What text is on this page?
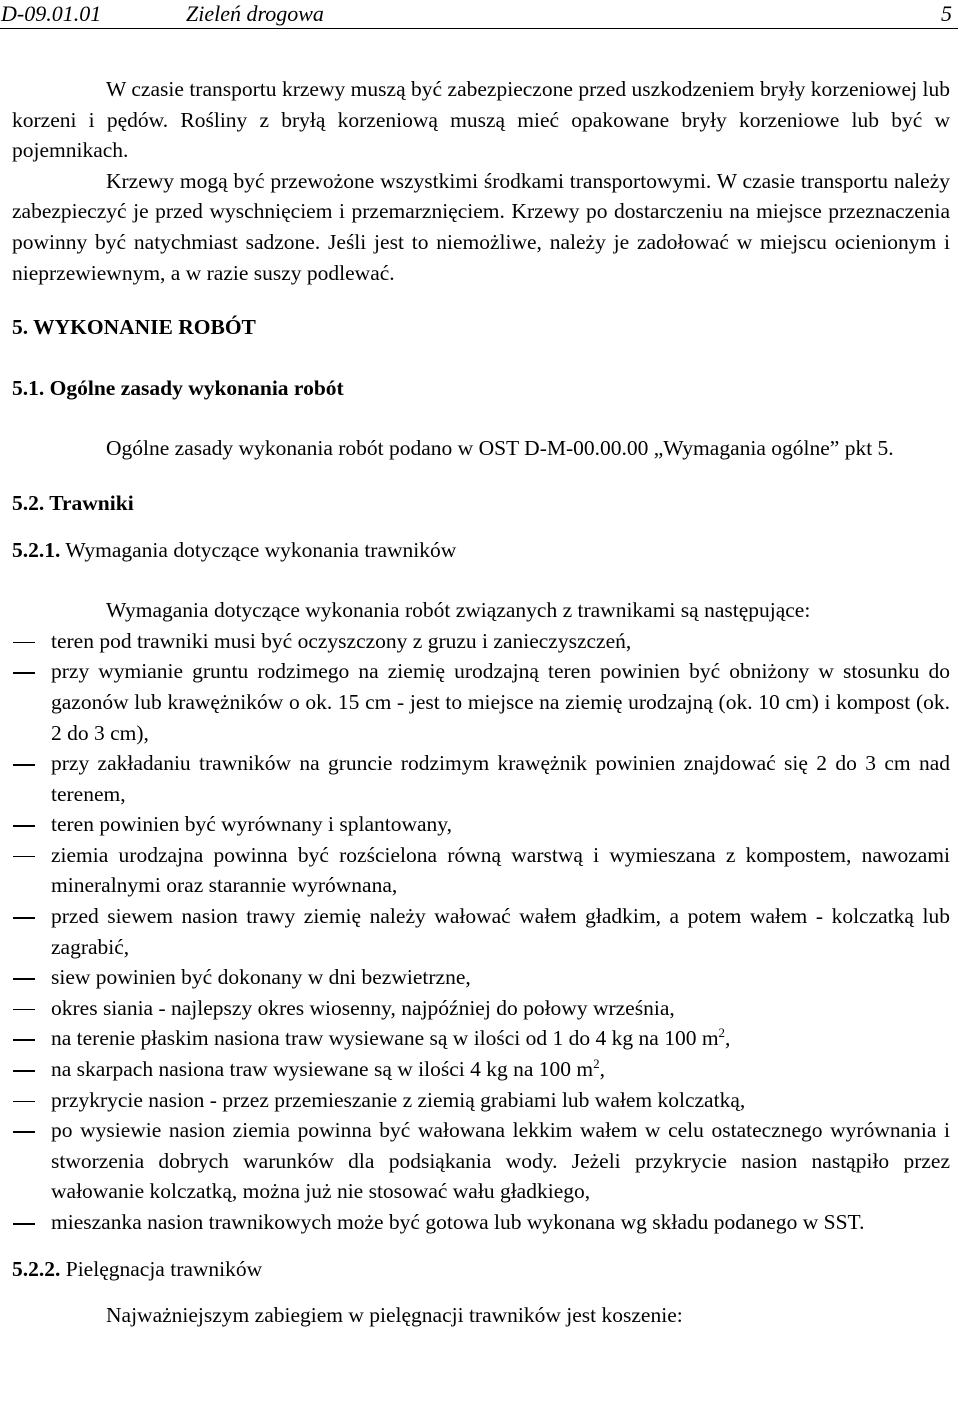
D-09.01.01	Zieleń drogowa	5

W czasie transportu krzewy muszą być zabezpieczone przed uszkodzeniem bryły korzeniowej lub korzeni i pędów. Rośliny z bryłą korzeniową muszą mieć opakowane bryły korzeniowe lub być w pojemnikach.

Krzewy mogą być przewożone wszystkimi środkami transportowymi. W czasie transportu należy zabezpieczyć je przed wyschnięciem i przemarznięciem. Krzewy po dostarczeniu na miejsce przeznaczenia powinny być natychmiast sadzone. Jeśli jest to niemożliwe, należy je zadołować w miejscu ocienionym i nieprzewiewnym, a w razie suszy podlewać.

5. WYKONANIE ROBÓT

5.1. Ogólne zasady wykonania robót

Ogólne zasady wykonania robót podano w OST D-M-00.00.00 „Wymagania ogólne” pkt 5.

5.2. Trawniki

5.2.1. Wymagania dotyczące wykonania trawników

Wymagania dotyczące wykonania robót związanych z trawnikami są następujące:

teren pod trawniki musi być oczyszczony z gruzu i zanieczyszczeń,
przy wymianie gruntu rodzimego na ziemię urodzajną teren powinien być obniżony w stosunku do gazonów lub krawężników o ok. 15 cm - jest to miejsce na ziemię urodzajną (ok. 10 cm) i kompost (ok. 2 do 3 cm),
przy zakładaniu trawników na gruncie rodzimym krawężnik powinien znajdować się 2 do 3 cm nad terenem,
teren powinien być wyrównany i splantowany,
ziemia urodzajna powinna być rozścielona równą warstwą i wymieszana z kompostem, nawozami mineralnymi oraz starannie wyrównana,
przed siewem nasion trawy ziemię należy wałować wałem gładkim, a potem wałem - kolczatką lub zagrabić,
siew powinien być dokonany w dni bezwietrzne,
okres siania - najlepszy okres wiosenny, najpóźniej do połowy września,
na terenie płaskim nasiona traw wysiewane są w ilości od 1 do 4 kg na 100 $m^2$,
na skarpach nasiona traw wysiewane są w ilości 4 kg na 100 $m^2$,
przykrycie nasion - przez przemieszanie z ziemią grabiami lub wałem kolczatką,
po wysiewie nasion ziemia powinna być wałowana lekkim wałem w celu ostatecznego wyrównania i stworzenia dobrych warunków dla podsiąkania wody. Jeżeli przykrycie nasion nastąpiło przez wałowanie kolczatką, można już nie stosować wału gładkiego,
mieszanka nasion trawnikowych może być gotowa lub wykonana wg składu podanego w SST.

5.2.2. Pielęgnacja trawników

Najważniejszym zabiegiem w pielęgnacji trawników jest koszenie:
